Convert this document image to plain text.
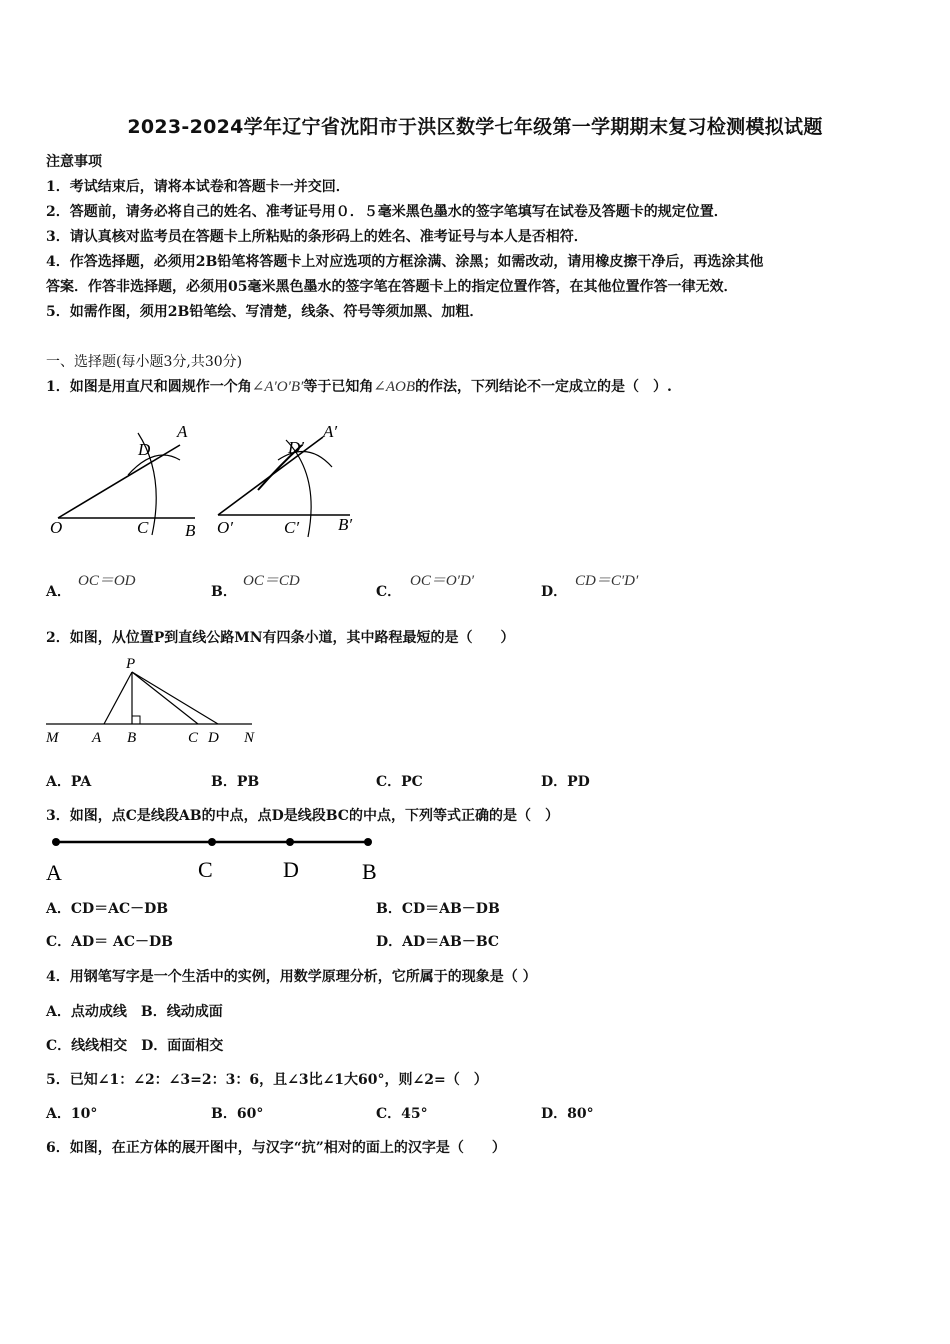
2023-2024学年辽宁省沈阳市于洪区数学七年级第一学期期末复习检测模拟试题
注意事项
1．考试结束后，请将本试卷和答题卡一并交回．
2．答题前，请务必将自己的姓名、准考证号用０．５毫米黑色墨水的签字笔填写在试卷及答题卡的规定位置．
3．请认真核对监考员在答题卡上所粘贴的条形码上的姓名、准考证号与本人是否相符．
4．作答选择题，必须用2B铅笔将答题卡上对应选项的方框涂满、涂黑；如需改动，请用橡皮擦干净后，再选涂其他
答案．作答非选择题，必须用05毫米黑色墨水的签字笔在答题卡上的指定位置作答，在其他位置作答一律无效．
5．如需作图，须用2B铅笔绘、写清楚，线条、符号等须加黑、加粗．
一、选择题(每小题3分,共30分)
1．如图是用直尺和圆规作一个角∠A′O′B′等于已知角∠AOB的作法，下列结论不一定成立的是（　）.
O	C B
D
A
O′	C′ B′
D′
A′
A．
OC＝OD
B．
OC＝CD
C．
OC＝O′D′
D．
CD＝C′D′
2．如图，从位置P到直线公路MN有四条小道，其中路程最短的是（　　）
P
M A B	C D N
A．PA	B．PB	C．PC	D．PD
3．如图，点C是线段AB的中点，点D是线段BC的中点，下列等式正确的是（　）
A	C	D	B
A．CD＝AC－DB	B．CD＝AB－DB
C．AD＝ AC－DB	D．AD＝AB－BC
4．用钢笔写字是一个生活中的实例，用数学原理分析，它所属于的现象是（ ）
A．点动成线　B．线动成面
C．线线相交　D．面面相交
5．已知∠1：∠2：∠3=2：3：6，且∠3比∠1大60°，则∠2=（　）
A．10°	B．60°	C．45°	D．80°
6．如图，在正方体的展开图中，与汉字“抗”相对的面上的汉字是（　　）
